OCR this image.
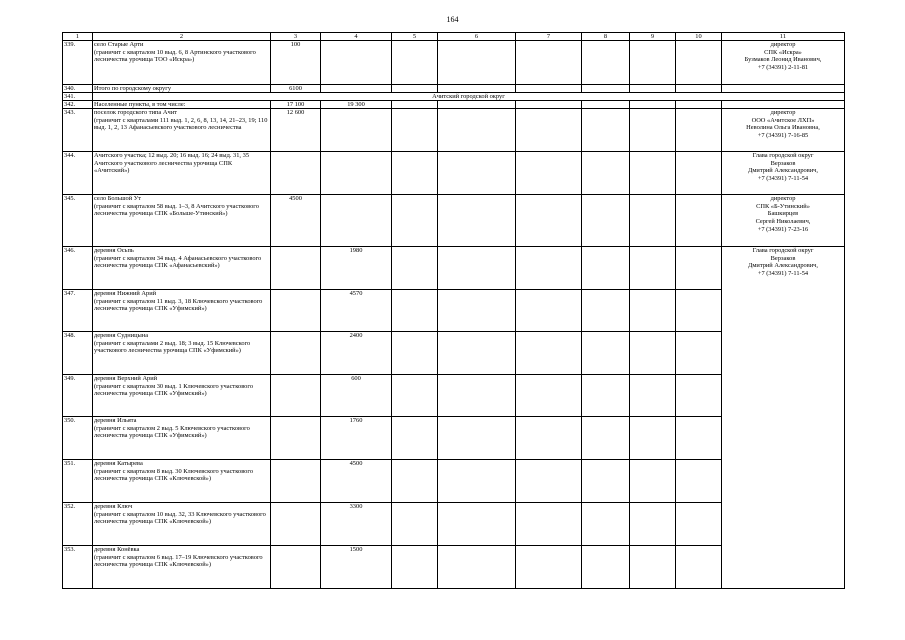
164
1	2	3	4	5	6	7	8	9	10	11
339.	село Старые Арти
(граничит с кварталом 10 выд. 6, 8 Артинского участкового лесничества урочища ТОО «Искра»)	100								директор
СПК «Искра»
Бузмаков Леонид Иванович,
+7 (34391) 2-11-81
340.	Итого по городскому округу	6100								
341.	Ачитский городской округ									
342.	Населенные пункты, в том числе:	17 100	19 300							
343.	поселок городского типа Ачит
(граничит с кварталами 111 выд. 1, 2, 6, 8, 13, 14, 21–23, 19; 110 выд. 1, 2, 13 Афанасьевского участкового лесничества	12 600								директор
ООО «Ачитское ЛХП»
Неволина Ольга Ивановна,
+7 (34391) 7-16-85
344.	Ачитского участка; 12 выд. 20; 16 выд. 16; 24 выд. 31, 35 Ачитского участкового лесничества урочища СПК «Ачитский»)									Глава городской округ
Верзаков
Дмитрий Александрович,
+7 (34391) 7-11-54
345.	село Большой Ут
(граничит с кварталом 58 выд. 1–3, 8 Ачитского участкового лесничества урочища СПК «Больше-Утинский»)	4500								директор
СПК «Б-Утинский»
Башкирцев
Сергей Николаевич,
+7 (34391) 7-23-16
346.	деревня Осьпь
(граничит с кварталом 34 выд. 4 Афанасьевского участкового лесничества урочища СПК «Афанасьевский»)		1980							Глава городской округ
Верзаков
Дмитрий Александрович,
+7 (34391) 7-11-54
347.	деревня Нижний Арий
(граничит с кварталом 11 выд. 3, 18 Ключевского участкового лесничества урочища СПК «Уфимский»)		4570							
348.	деревня Судницына
(граничит с кварталами 2 выд. 18; 3 выд. 15 Ключевского участкового лесничества урочища СПК «Уфимский»)		2400							
349.	деревня Верхний Арий
(граничит с кварталом 30 выд. 1 Ключевского участкового лесничества урочища СПК «Уфимский»)		600							
350.	деревня Ильята
(граничит с кварталом 2 выд. 5 Ключевского участкового лесничества урочища СПК «Уфимский»)		1760							
351.	деревня Катырева
(граничит с кварталом 8 выд. 30 Ключевского участкового лесничества урочища СПК «Ключевской»)		4500							
352.	деревня Ключ
(граничит с кварталом 10 выд. 32, 33 Ключевского участкового лесничества урочища СПК «Ключевской»)		3300							
353.	деревня Конёвка
(граничит с кварталом 6 выд. 17–19 Ключевского участкового лесничества урочища СПК «Ключевской»)		1500							
